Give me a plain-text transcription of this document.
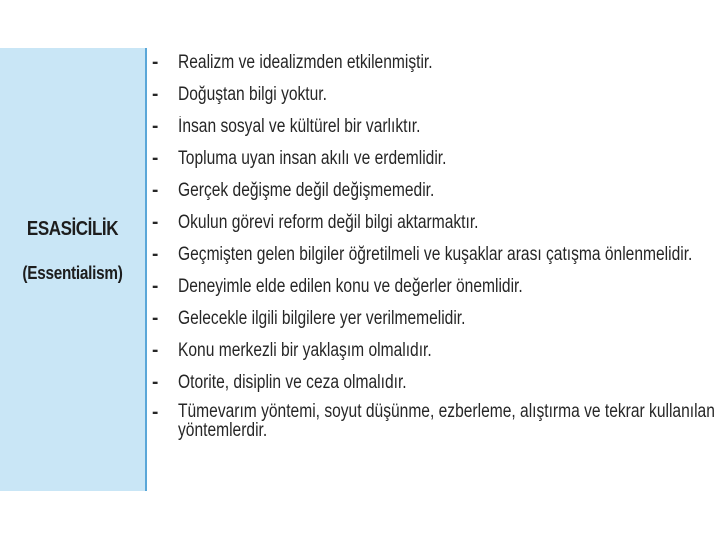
ESASİCİLİK
(Essentialism)
- Realizm ve idealizmden etkilenmiştir.
- Doğuştan bilgi yoktur.
- İnsan sosyal ve kültürel bir varlıktır.
- Topluma uyan insan akılı ve erdemlidir.
- Gerçek değişme değil değişmemedir.
- Okulun görevi reform değil bilgi aktarmaktır.
- Geçmişten gelen bilgiler öğretilmeli ve kuşaklar arası çatışma önlenmelidir.
- Deneyimle elde edilen konu ve değerler önemlidir.
- Gelecekle ilgili bilgilere yer verilmemelidir.
- Konu merkezli bir yaklaşım olmalıdır.
- Otorite, disiplin ve ceza olmalıdır.
- Tümevarım yöntemi, soyut düşünme, ezberleme, alıştırma ve tekrar kullanılan yöntemlerdir.
